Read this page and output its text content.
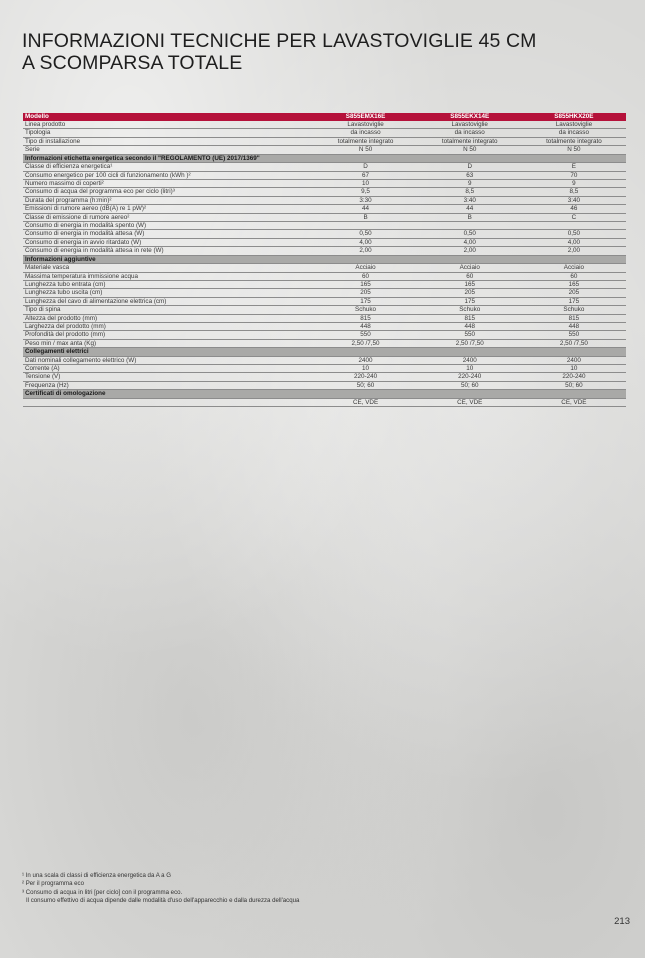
INFORMAZIONI TECNICHE PER LAVASTOVIGLIE 45 CM
A SCOMPARSA TOTALE
Modello	S855EMX16E	S855EKX14E	S855HKX20E
Linea prodotto	Lavastoviglie	Lavastoviglie	Lavastoviglie
Tipologia	da incasso	da incasso	da incasso
Tipo di installazione	totalmente integrato	totalmente integrato	totalmente integrato
Serie	N 50	N 50	N 50
Informazioni etichetta energetica secondo il "REGOLAMENTO (UE) 2017/1369"			
Classe di efficienza energetica¹	D	D	E
Consumo energetico per 100 cicli di funzionamento (kWh )²	67	63	70
Numero massimo di coperti²	10	9	9
Consumo di acqua del programma eco per ciclo (litri)³	9,5	8,5	8,5
Durata del programma (h:min)²	3:30	3:40	3:40
Emissioni di rumore aereo (dB(A) re 1 pW)²	44	44	46
Classe di emissione di rumore aereo²	B	B	C
Consumo di energia in modalità spento (W)			
Consumo di energia in modalità attesa (W)	0,50	0,50	0,50
Consumo di energia in avvio ritardato (W)	4,00	4,00	4,00
Consumo di energia in modalità attesa in rete (W)	2,00	2,00	2,00
Informazioni aggiuntive			
Materiale vasca	Acciaio	Acciaio	Acciaio
Massima temperatura immissione acqua	60	60	60
Lunghezza tubo entrata (cm)	165	165	165
Lunghezza tubo uscita (cm)	205	205	205
Lunghezza del cavo di alimentazione elettrica (cm)	175	175	175
Tipo di spina	Schuko	Schuko	Schuko
Altezza del prodotto (mm)	815	815	815
Larghezza del prodotto (mm)	448	448	448
Profondità del prodotto (mm)	550	550	550
Peso min / max anta (Kg)	2,50 /7,50	2,50 /7,50	2,50 /7,50
Collegamenti elettrici			
Dati nominali collegamento elettrico (W)	2400	2400	2400
Corrente (A)	10	10	10
Tensione (V)	220-240	220-240	220-240
Frequenza (Hz)	50; 60	50; 60	50; 60
Certificati di omologazione			
	CE, VDE	CE, VDE	CE, VDE
¹ In una scala di classi di efficienza energetica da A a G
² Per il programma eco
³ Consumo di acqua in litri [per ciclo] con il programma eco.
Il consumo effettivo di acqua dipende dalle modalità d'uso dell'apparecchio e dalla durezza dell'acqua
213
